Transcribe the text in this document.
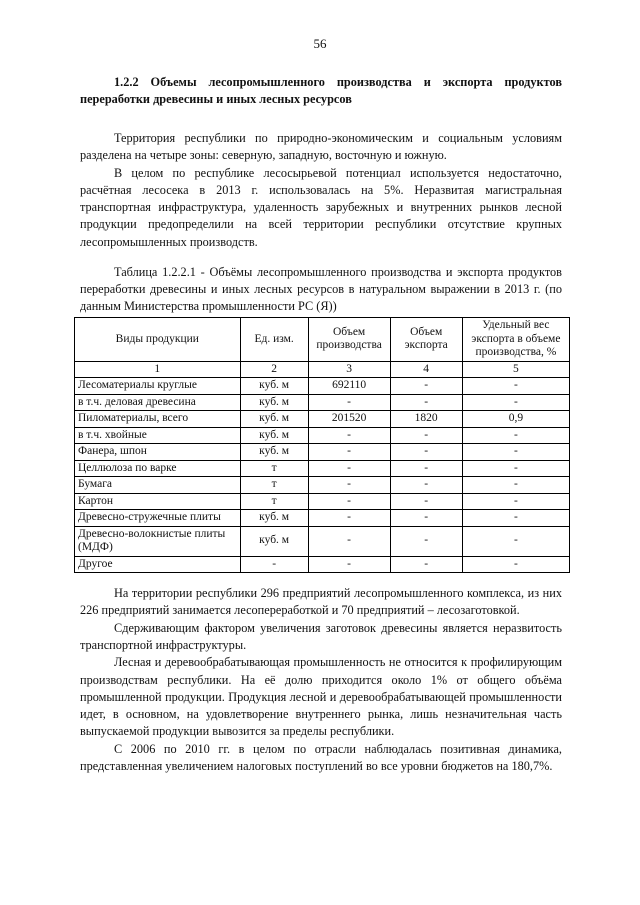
56

1.2.2 Объемы лесопромышленного производства и экспорта продуктов переработки древесины и иных лесных ресурсов

Территория республики по природно-экономическим и социальным условиям разделена на четыре зоны: северную, западную, восточную и южную.

В целом по республике лесосырьевой потенциал используется недостаточно, расчётная лесосека в 2013 г. использовалась на 5%. Неразвитая магистральная транспортная инфраструктура, удаленность зарубежных и внутренних рынков лесной продукции предопределили на всей территории республики отсутствие крупных лесопромышленных производств.

Таблица 1.2.2.1 - Объёмы лесопромышленного производства и экспорта продуктов переработки древесины и иных лесных ресурсов в натуральном выражении в 2013 г. (по данным Министерства промышленности РС (Я))

Виды продукции	Ед. изм.	Объем производства	Объем экспорта	Удельный вес экспорта в объеме производства, %
1	2	3	4	5
Лесоматериалы круглые	куб. м	692110	-	-
в т.ч. деловая древесина	куб. м	-	-	-
Пиломатериалы, всего	куб. м	201520	1820	0,9
в т.ч. хвойные	куб. м	-	-	-
Фанера, шпон	куб. м	-	-	-
Целлюлоза по варке	т	-	-	-
Бумага	т	-	-	-
Картон	т	-	-	-
Древесно-стружечные плиты	куб. м	-	-	-
Древесно-волокнистые плиты (МДФ)	куб. м	-	-	-
Другое	-	-	-	-

На территории республики 296 предприятий лесопромышленного комплекса, из них 226 предприятий занимается лесопереработкой и 70 предприятий – лесозаготовкой.

Сдерживающим фактором увеличения заготовок древесины является неразвитость транспортной инфраструктуры.

Лесная и деревообрабатывающая промышленность не относится к профилирующим производствам республики. На её долю приходится около 1% от общего объёма промышленной продукции. Продукция лесной и деревообрабатывающей промышленности идет, в основном, на удовлетворение внутреннего рынка, лишь незначительная часть выпускаемой продукции вывозится за пределы республики.

С 2006 по 2010 гг. в целом по отрасли наблюдалась позитивная динамика, представленная увеличением налоговых поступлений во все уровни бюджетов на 180,7%.
